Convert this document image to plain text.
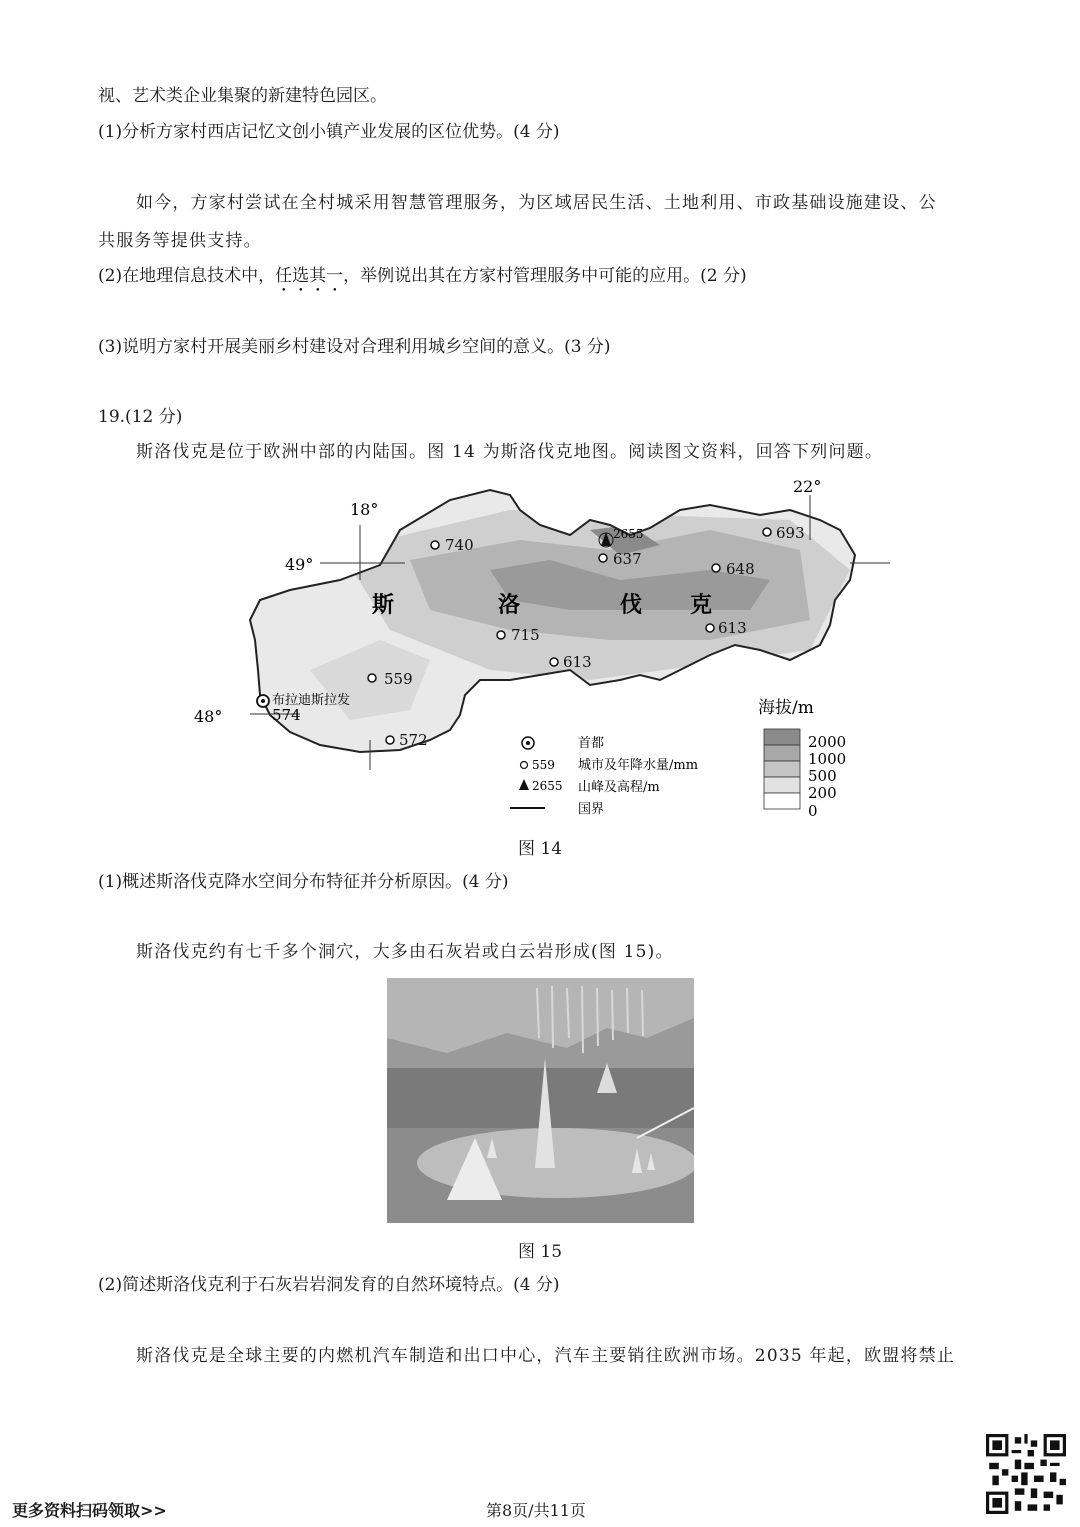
视、艺术类企业集聚的新建特色园区。
(1)分析方家村西店记忆文创小镇产业发展的区位优势。(4 分)
如今，方家村尝试在全村城采用智慧管理服务，为区域居民生活、土地利用、市政基础设施建设、公
共服务等提供支持。
(2)在地理信息技术中，任选其一，举例说出其在方家村管理服务中可能的应用。(2 分)
(3)说明方家村开展美丽乡村建设对合理利用城乡空间的意义。(3 分)
19.(12 分)
斯洛伐克是位于欧洲中部的内陆国。图 14 为斯洛伐克地图。阅读图文资料，回答下列问题。
18°
22°
49°
48°
斯	洛	伐 克
740
637
693
648
715	613
613
559
572
布拉迪斯拉发
574
2655
首都
559 城市及年降水量/mm
2655 山峰及高程/m
国界
海拔/m
2000
1000
500
200
0
图 14
(1)概述斯洛伐克降水空间分布特征并分析原因。(4 分)
斯洛伐克约有七千多个洞穴，大多由石灰岩或白云岩形成(图 15)。
图 15
(2)简述斯洛伐克利于石灰岩岩洞发育的自然环境特点。(4 分)
斯洛伐克是全球主要的内燃机汽车制造和出口中心，汽车主要销往欧洲市场。2035 年起，欧盟将禁止
更多资料扫码领取>>	第8页/共11页
